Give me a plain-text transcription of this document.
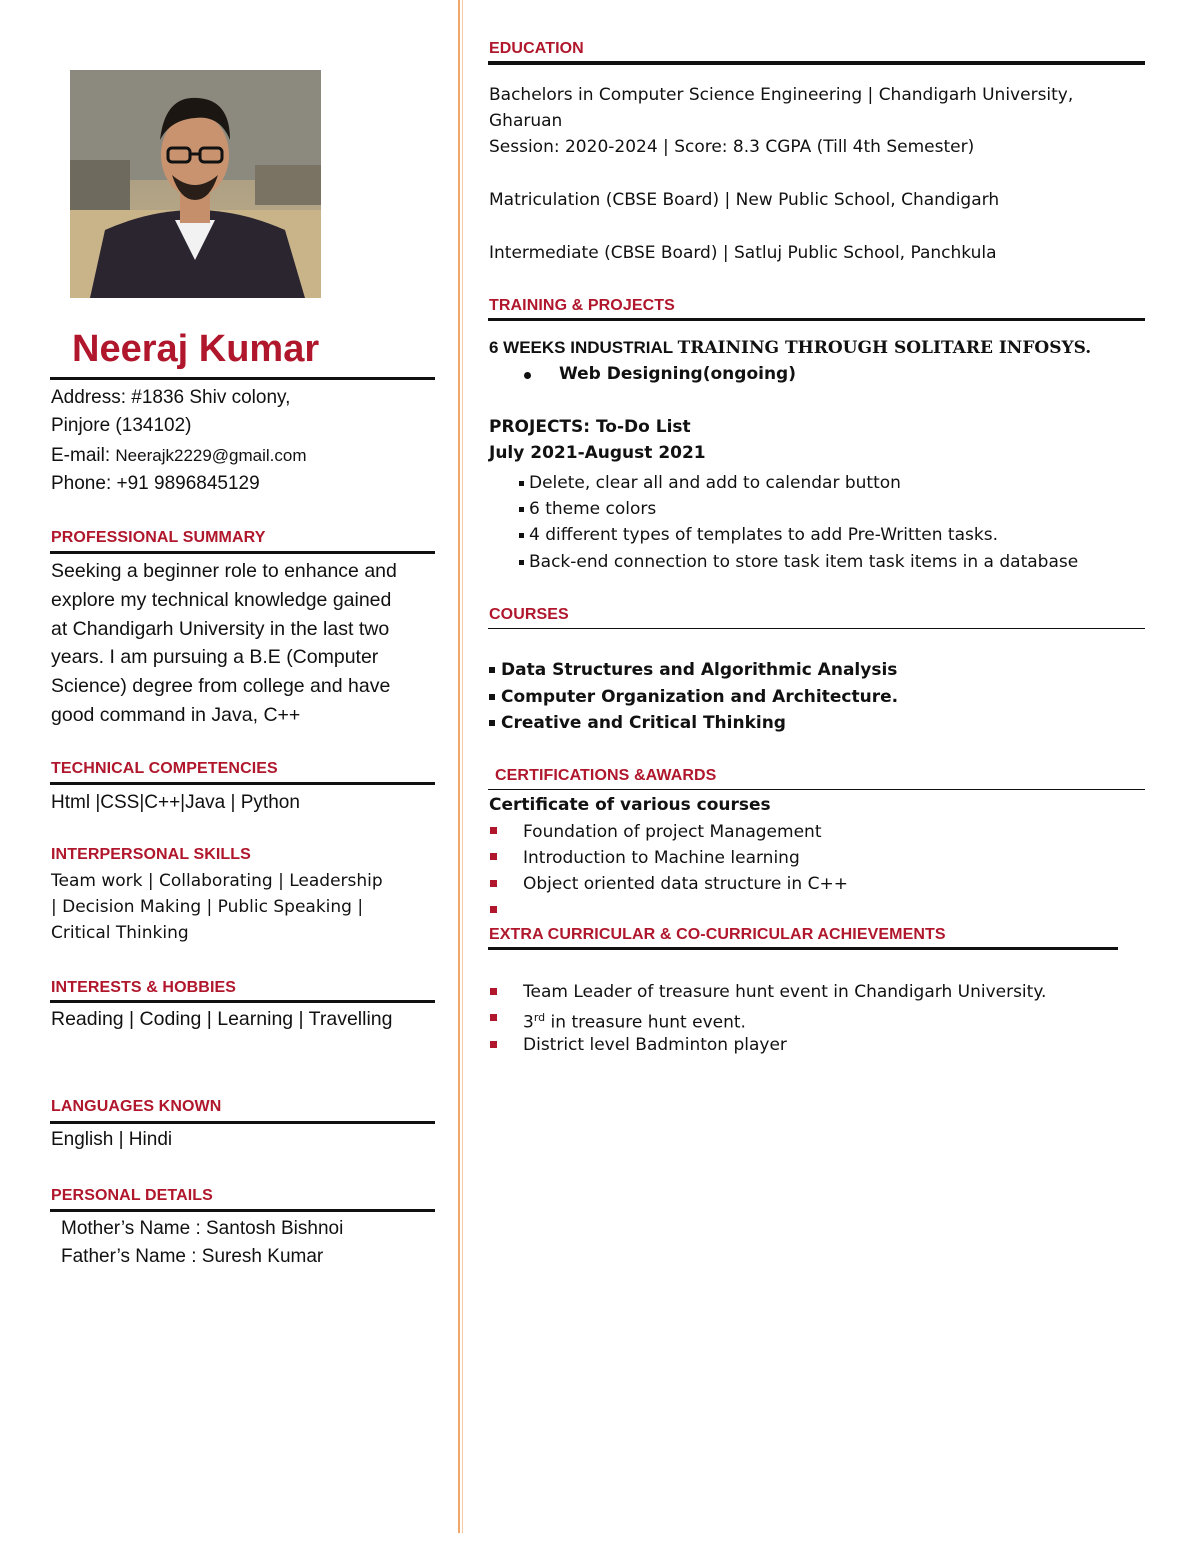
Neeraj Kumar
Address: #1836 Shiv colony,
Pinjore (134102)
E-mail: Neerajk2229@gmail.com
Phone: +91 9896845129
PROFESSIONAL SUMMARY
Seeking a beginner role to enhance and
explore my technical knowledge gained
at Chandigarh University in the last two
years. I am pursuing a B.E (Computer
Science) degree from college and have
good command in Java, C++
TECHNICAL COMPETENCIES
Html |CSS|C++|Java | Python
INTERPERSONAL SKILLS
Team work | Collaborating | Leadership
| Decision Making | Public Speaking |
Critical Thinking
INTERESTS & HOBBIES
Reading | Coding | Learning | Travelling
LANGUAGES KNOWN
English | Hindi
PERSONAL DETAILS
Mother’s Name : Santosh Bishnoi
Father’s Name : Suresh Kumar
EDUCATION
Bachelors in Computer Science Engineering | Chandigarh University,
Gharuan
Session: 2020-2024 | Score: 8.3 CGPA (Till 4th Semester)
Matriculation (CBSE Board) | New Public School, Chandigarh
Intermediate (CBSE Board) | Satluj Public School, Panchkula
TRAINING & PROJECTS
6 WEEKS INDUSTRIAL TRAINING THROUGH SOLITARE INFOSYS.
Web Designing(ongoing)
PROJECTS: To-Do List
July 2021-August 2021
Delete, clear all and add to calendar button
6 theme colors
4 different types of templates to add Pre-Written tasks.
Back-end connection to store task item task items in a database
COURSES
Data Structures and Algorithmic Analysis
Computer Organization and Architecture.
Creative and Critical Thinking
CERTIFICATIONS &AWARDS
Certificate of various courses
Foundation of project Management
Introduction to Machine learning
Object oriented data structure in C++
EXTRA CURRICULAR & CO-CURRICULAR ACHIEVEMENTS
Team Leader of treasure hunt event in Chandigarh University.
3rd in treasure hunt event.
District level Badminton player
